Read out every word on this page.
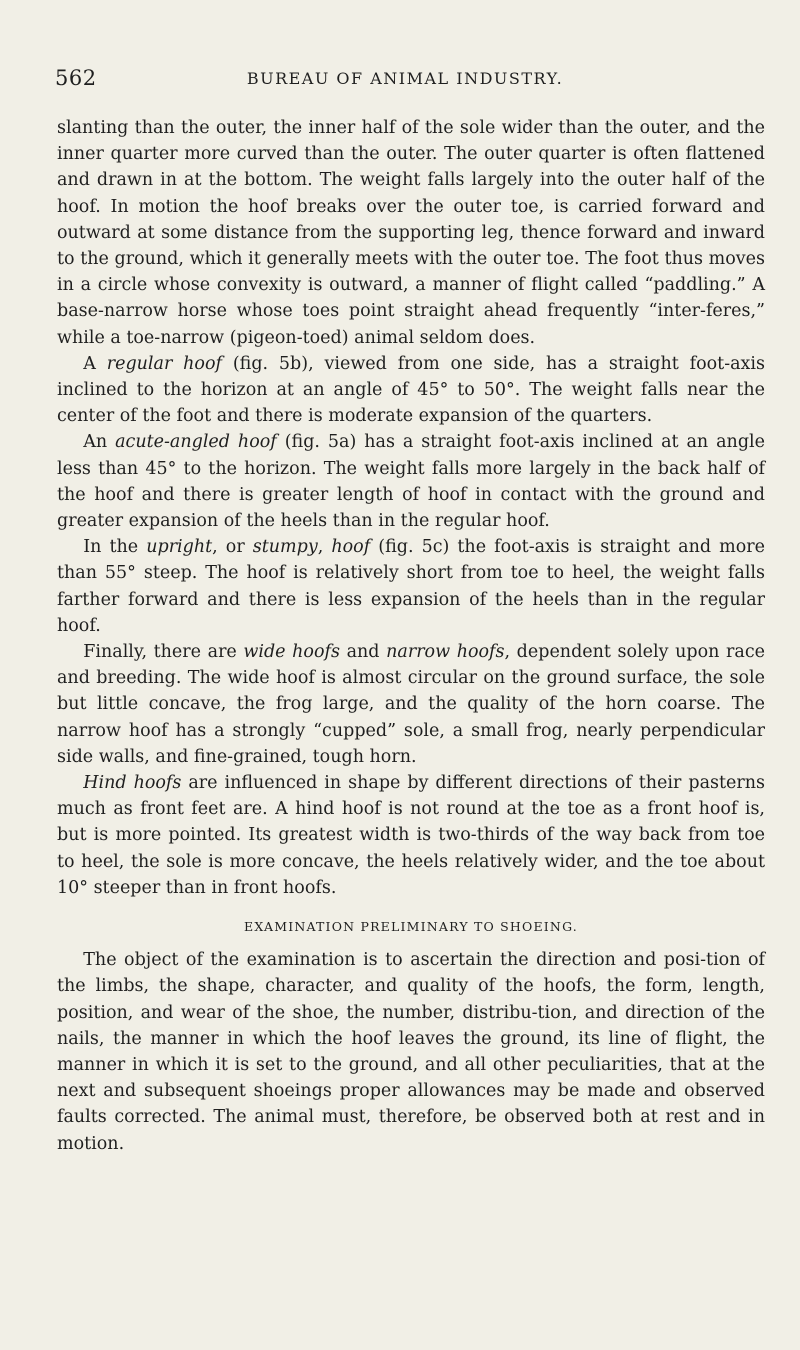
562	BUREAU OF ANIMAL INDUSTRY.

slanting than the outer, the inner half of the sole wider than the outer, and the inner quarter more curved than the outer. The outer quarter is often flattened and drawn in at the bottom. The weight falls largely into the outer half of the hoof. In motion the hoof breaks over the outer toe, is carried forward and outward at some distance from the supporting leg, thence forward and inward to the ground, which it generally meets with the outer toe. The foot thus moves in a circle whose convexity is outward, a manner of flight called “paddling.” A base-narrow horse whose toes point straight ahead frequently “inter-feres,” while a toe-narrow (pigeon-toed) animal seldom does.

A regular hoof (fig. 5b), viewed from one side, has a straight foot-axis inclined to the horizon at an angle of 45° to 50°. The weight falls near the center of the foot and there is moderate expansion of the quarters.

An acute-angled hoof (fig. 5a) has a straight foot-axis inclined at an angle less than 45° to the horizon. The weight falls more largely in the back half of the hoof and there is greater length of hoof in contact with the ground and greater expansion of the heels than in the regular hoof.

In the upright, or stumpy, hoof (fig. 5c) the foot-axis is straight and more than 55° steep. The hoof is relatively short from toe to heel, the weight falls farther forward and there is less expansion of the heels than in the regular hoof.

Finally, there are wide hoofs and narrow hoofs, dependent solely upon race and breeding. The wide hoof is almost circular on the ground surface, the sole but little concave, the frog large, and the quality of the horn coarse. The narrow hoof has a strongly “cupped” sole, a small frog, nearly perpendicular side walls, and fine-grained, tough horn.

Hind hoofs are influenced in shape by different directions of their pasterns much as front feet are. A hind hoof is not round at the toe as a front hoof is, but is more pointed. Its greatest width is two-thirds of the way back from toe to heel, the sole is more concave, the heels relatively wider, and the toe about 10° steeper than in front hoofs.

EXAMINATION PRELIMINARY TO SHOEING.

The object of the examination is to ascertain the direction and posi-tion of the limbs, the shape, character, and quality of the hoofs, the form, length, position, and wear of the shoe, the number, distribu-tion, and direction of the nails, the manner in which the hoof leaves the ground, its line of flight, the manner in which it is set to the ground, and all other peculiarities, that at the next and subsequent shoeings proper allowances may be made and observed faults corrected. The animal must, therefore, be observed both at rest and in motion.
